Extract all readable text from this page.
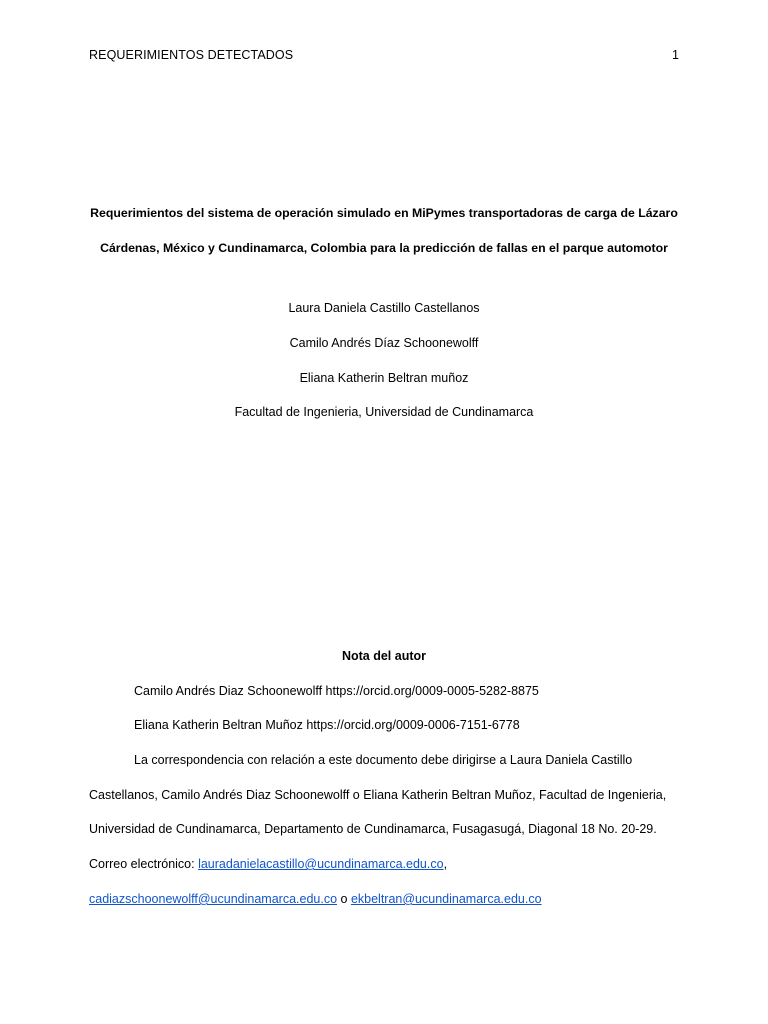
REQUERIMIENTOS DETECTADOS	1
Requerimientos del sistema de operación simulado en MiPymes transportadoras de carga de Lázaro
Cárdenas, México y Cundinamarca, Colombia para la predicción de fallas en el parque automotor
Laura Daniela Castillo Castellanos
Camilo Andrés Díaz Schoonewolff
Eliana Katherin Beltran muñoz
Facultad de Ingenieria, Universidad de Cundinamarca
Nota del autor
Camilo Andrés Diaz Schoonewolff https://orcid.org/0009-0005-5282-8875
Eliana Katherin Beltran Muñoz https://orcid.org/0009-0006-7151-6778
La correspondencia con relación a este documento debe dirigirse a Laura Daniela Castillo
Castellanos, Camilo Andrés Diaz Schoonewolff o Eliana Katherin Beltran Muñoz, Facultad de Ingenieria,
Universidad de Cundinamarca, Departamento de Cundinamarca, Fusagasugá, Diagonal 18 No. 20-29.
Correo electrónico: lauradanielacastillo@ucundinamarca.edu.co,
cadiazschoonewolff@ucundinamarca.edu.co o ekbeltran@ucundinamarca.edu.co
